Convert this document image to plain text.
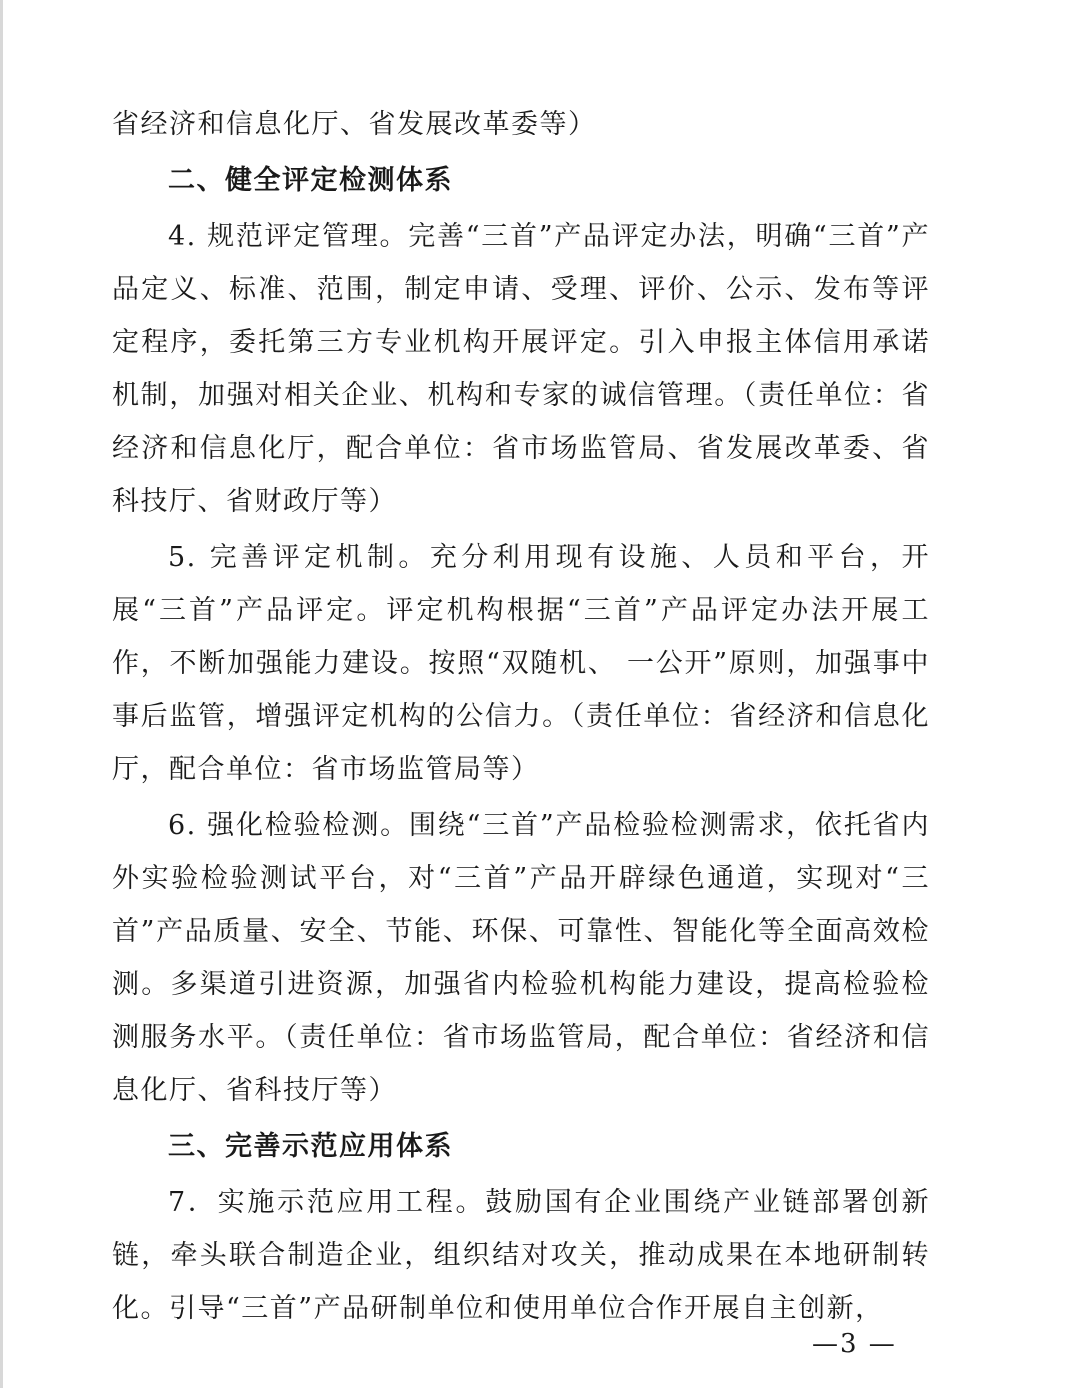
省经济和信息化厅、省发展改革委等）

二、健全评定检测体系

4. 规范评定管理。完善“三首”产品评定办法，明确“三首”产品定义、标准、范围，制定申请、受理、评价、公示、发布等评定程序，委托第三方专业机构开展评定。引入申报主体信用承诺机制，加强对相关企业、机构和专家的诚信管理。（责任单位：省经济和信息化厅，配合单位：省市场监管局、省发展改革委、省科技厅、省财政厅等）

5. 完善评定机制。充分利用现有设施、人员和平台，开展“三首”产品评定。评定机构根据“三首”产品评定办法开展工作，不断加强能力建设。按照“双随机、 一公开”原则，加强事中事后监管，增强评定机构的公信力。（责任单位：省经济和信息化厅，配合单位：省市场监管局等）

6. 强化检验检测。围绕“三首”产品检验检测需求，依托省内外实验检验测试平台，对“三首”产品开辟绿色通道，实现对“三首”产品质量、安全、节能、环保、可靠性、智能化等全面高效检测。多渠道引进资源，加强省内检验机构能力建设，提高检验检测服务水平。（责任单位：省市场监管局，配合单位：省经济和信息化厅、省科技厅等）

三、完善示范应用体系

7．实施示范应用工程。鼓励国有企业围绕产业链部署创新链，牵头联合制造企业，组织结对攻关，推动成果在本地研制转化。引导“三首”产品研制单位和使用单位合作开展自主创新，

—3 —
